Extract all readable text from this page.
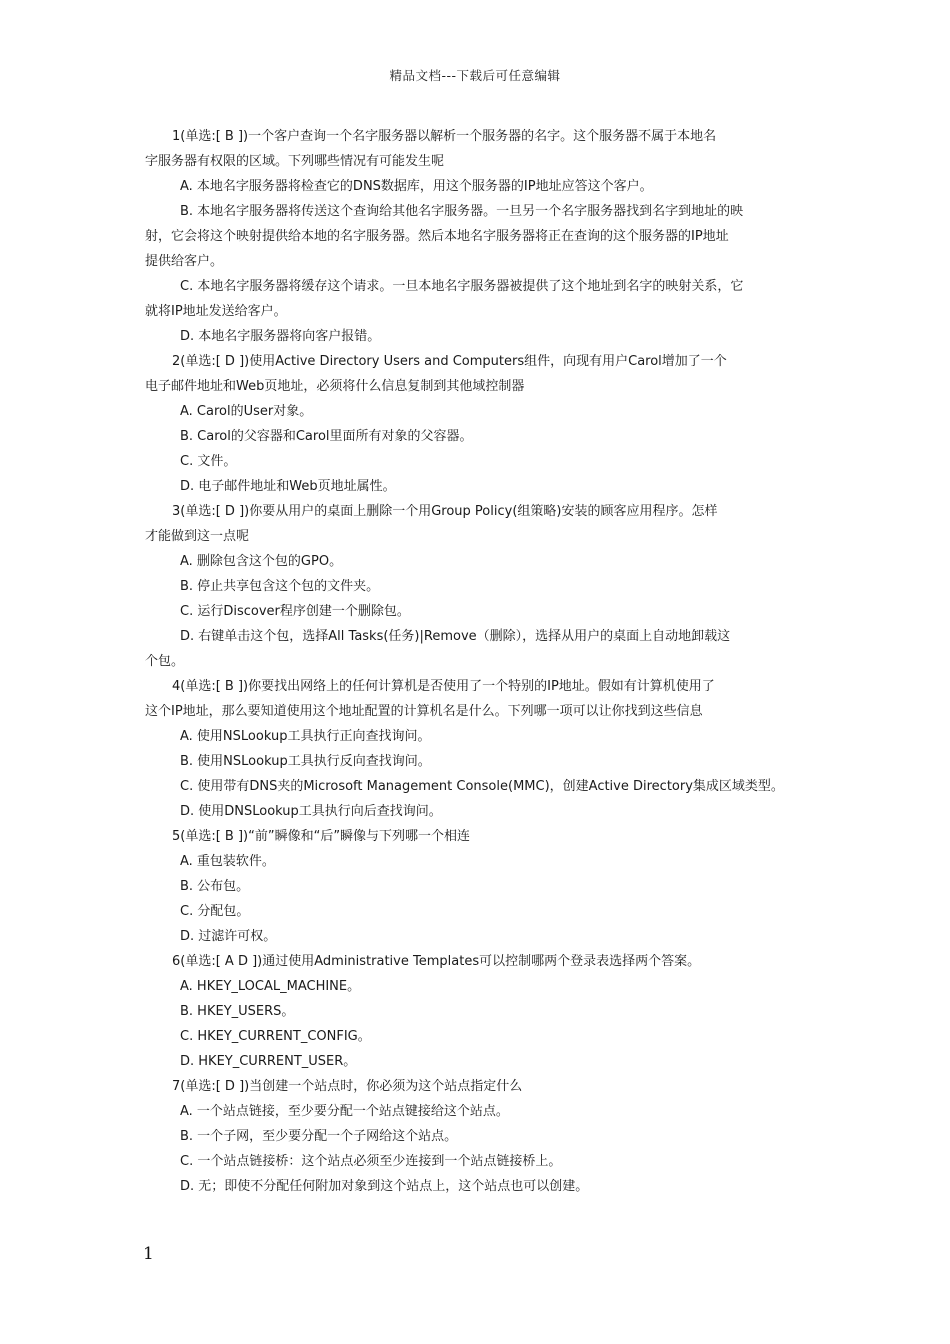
精品文档---下载后可任意编辑
1(单选:[ B ])一个客户查询一个名字服务器以解析一个服务器的名字。这个服务器不属于本地名
字服务器有权限的区域。下列哪些情况有可能发生呢
A. 本地名字服务器将检查它的DNS数据库，用这个服务器的IP地址应答这个客户。
B. 本地名字服务器将传送这个查询给其他名字服务器。一旦另一个名字服务器找到名字到地址的映
射，它会将这个映射提供给本地的名字服务器。然后本地名字服务器将正在查询的这个服务器的IP地址
提供给客户。
C. 本地名字服务器将缓存这个请求。一旦本地名字服务器被提供了这个地址到名字的映射关系，它
就将IP地址发送给客户。
D. 本地名字服务器将向客户报错。
2(单选:[ D ])使用Active Directory Users and Computers组件，向现有用户Carol增加了一个
电子邮件地址和Web页地址，必须将什么信息复制到其他域控制器
A. Carol的User对象。
B. Carol的父容器和Carol里面所有对象的父容器。
C. 文件。
D. 电子邮件地址和Web页地址属性。
3(单选:[ D ])你要从用户的桌面上删除一个用Group Policy(组策略)安装的顾客应用程序。怎样
才能做到这一点呢
A. 删除包含这个包的GPO。
B. 停止共享包含这个包的文件夹。
C. 运行Discover程序创建一个删除包。
D. 右键单击这个包，选择All Tasks(任务)|Remove（删除），选择从用户的桌面上自动地卸载这
个包。
4(单选:[ B ])你要找出网络上的任何计算机是否使用了一个特别的IP地址。假如有计算机使用了
这个IP地址，那么要知道使用这个地址配置的计算机名是什么。下列哪一项可以让你找到这些信息
A. 使用NSLookup工具执行正向查找询问。
B. 使用NSLookup工具执行反向查找询问。
C. 使用带有DNS夹的Microsoft Management Console(MMC)，创建Active Directory集成区域类型。
D. 使用DNSLookup工具执行向后查找询问。
5(单选:[ B ])“前”瞬像和“后”瞬像与下列哪一个相连
A. 重包装软件。
B. 公布包。
C. 分配包。
D. 过滤许可权。
6(单选:[ A D ])通过使用Administrative Templates可以控制哪两个登录表选择两个答案。
A. HKEY_LOCAL_MACHINE。
B. HKEY_USERS。
C. HKEY_CURRENT_CONFIG。
D. HKEY_CURRENT_USER。
7(单选:[ D ])当创建一个站点时，你必须为这个站点指定什么
A. 一个站点链接，至少要分配一个站点键接给这个站点。
B. 一个子网，至少要分配一个子网给这个站点。
C. 一个站点链接桥：这个站点必须至少连接到一个站点链接桥上。
D. 无；即使不分配任何附加对象到这个站点上，这个站点也可以创建。
1
